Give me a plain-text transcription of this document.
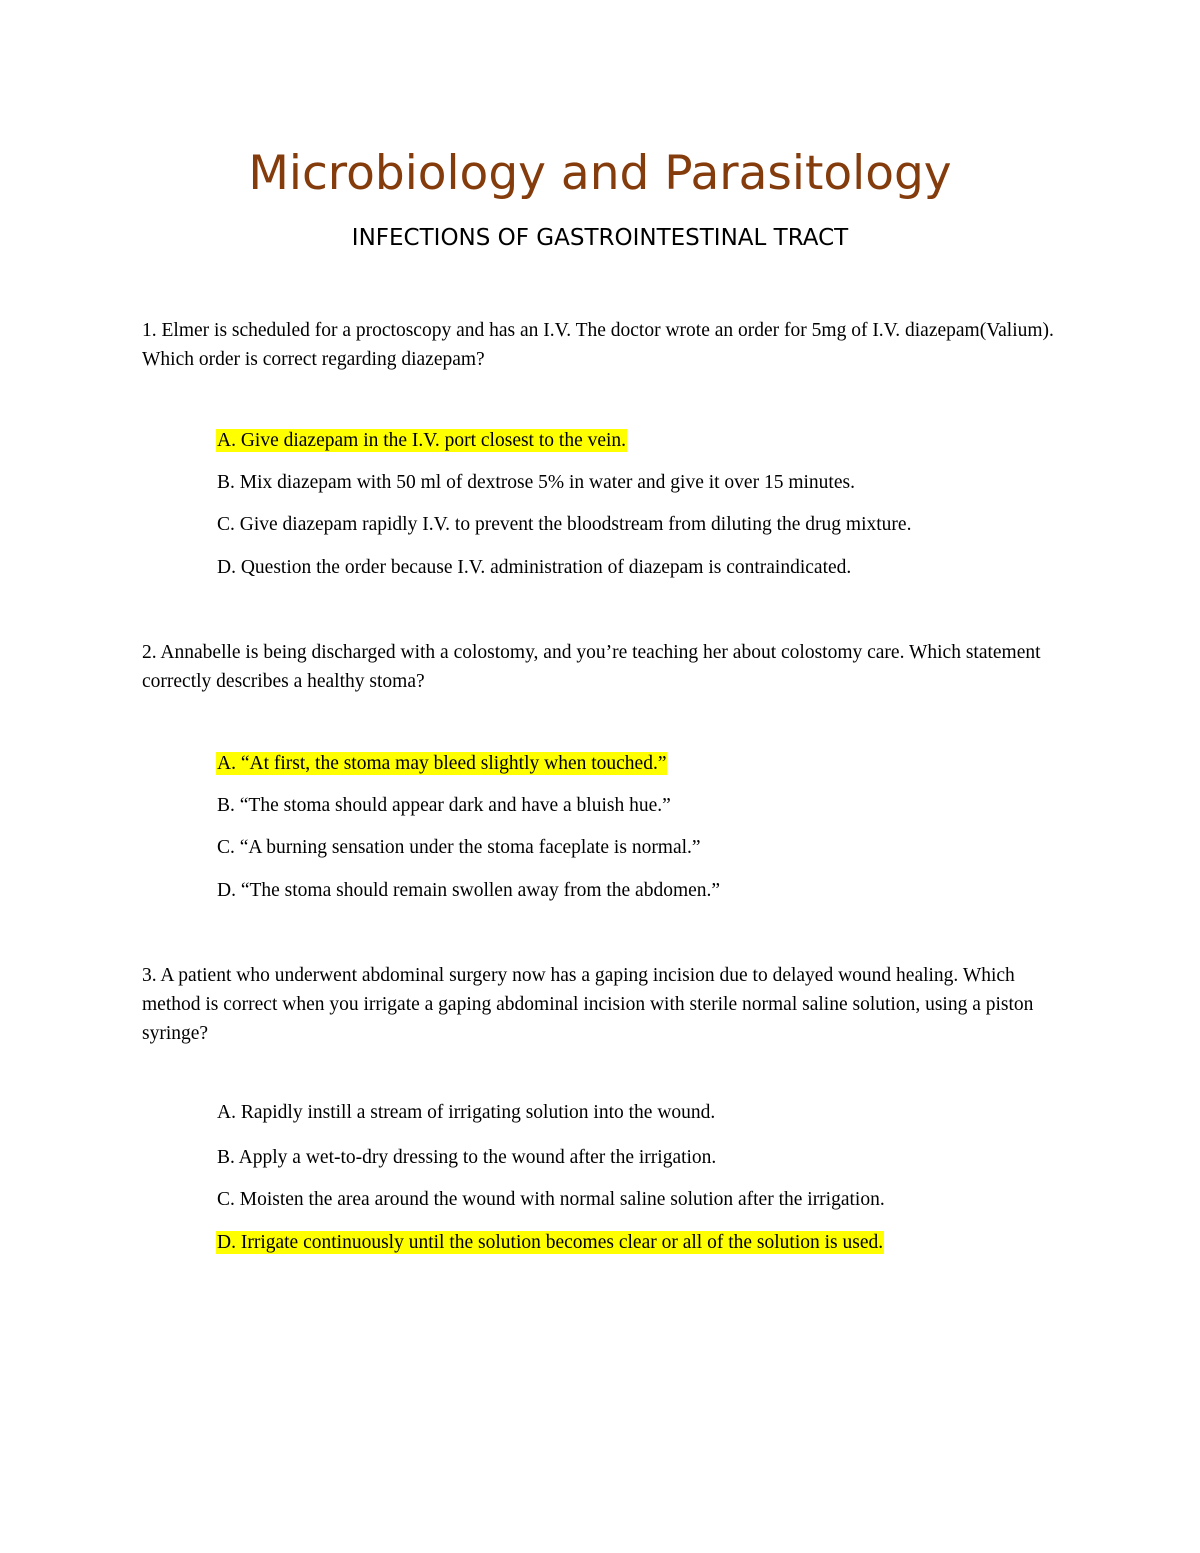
Microbiology and Parasitology
INFECTIONS OF GASTROINTESTINAL TRACT

1. Elmer is scheduled for a proctoscopy and has an I.V. The doctor wrote an order for 5mg of I.V. diazepam(Valium). Which order is correct regarding diazepam?

A. Give diazepam in the I.V. port closest to the vein.

B. Mix diazepam with 50 ml of dextrose 5% in water and give it over 15 minutes.

C. Give diazepam rapidly I.V. to prevent the bloodstream from diluting the drug mixture.

D. Question the order because I.V. administration of diazepam is contraindicated.

2. Annabelle is being discharged with a colostomy, and you’re teaching her about colostomy care. Which statement correctly describes a healthy stoma?

A. “At first, the stoma may bleed slightly when touched.”

B. “The stoma should appear dark and have a bluish hue.”

C. “A burning sensation under the stoma faceplate is normal.”

D. “The stoma should remain swollen away from the abdomen.”

3. A patient who underwent abdominal surgery now has a gaping incision due to delayed wound healing. Which method is correct when you irrigate a gaping abdominal incision with sterile normal saline solution, using a piston syringe?

A. Rapidly instill a stream of irrigating solution into the wound.

B. Apply a wet-to-dry dressing to the wound after the irrigation.

C. Moisten the area around the wound with normal saline solution after the irrigation.

D. Irrigate continuously until the solution becomes clear or all of the solution is used.
